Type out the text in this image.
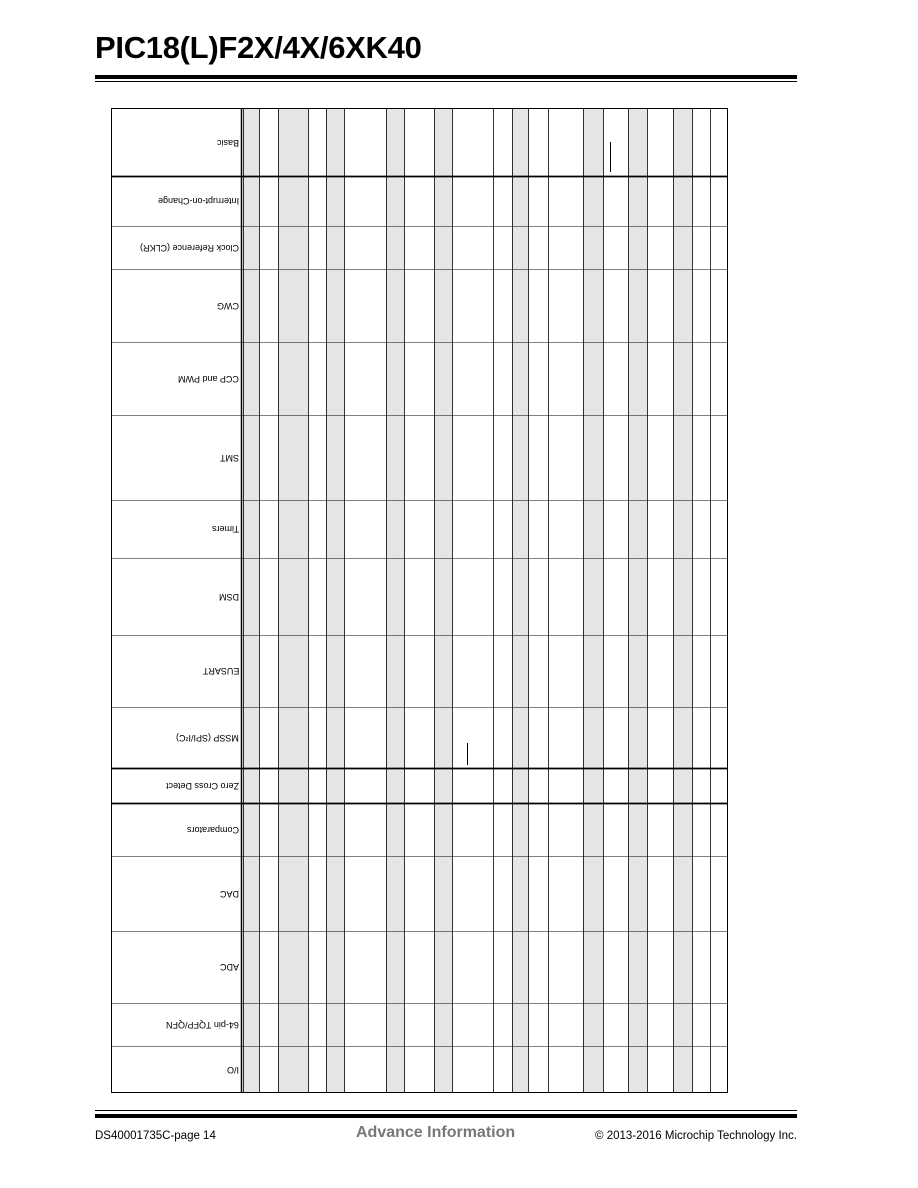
PIC18(L)F2X/4X/6XK40
Basic
Interrupt-on-Change
Clock Reference (CLKR)
CWG
CCP and PWM
SMT
Timers
DSM
EUSART
MSSP (SPI/I²C)
Zero Cross Detect
Comparators
DAC
ADC
64-pin TQFP/QFN
I/O
DS40001735C-page 14	Advance Information	© 2013-2016 Microchip Technology Inc.
